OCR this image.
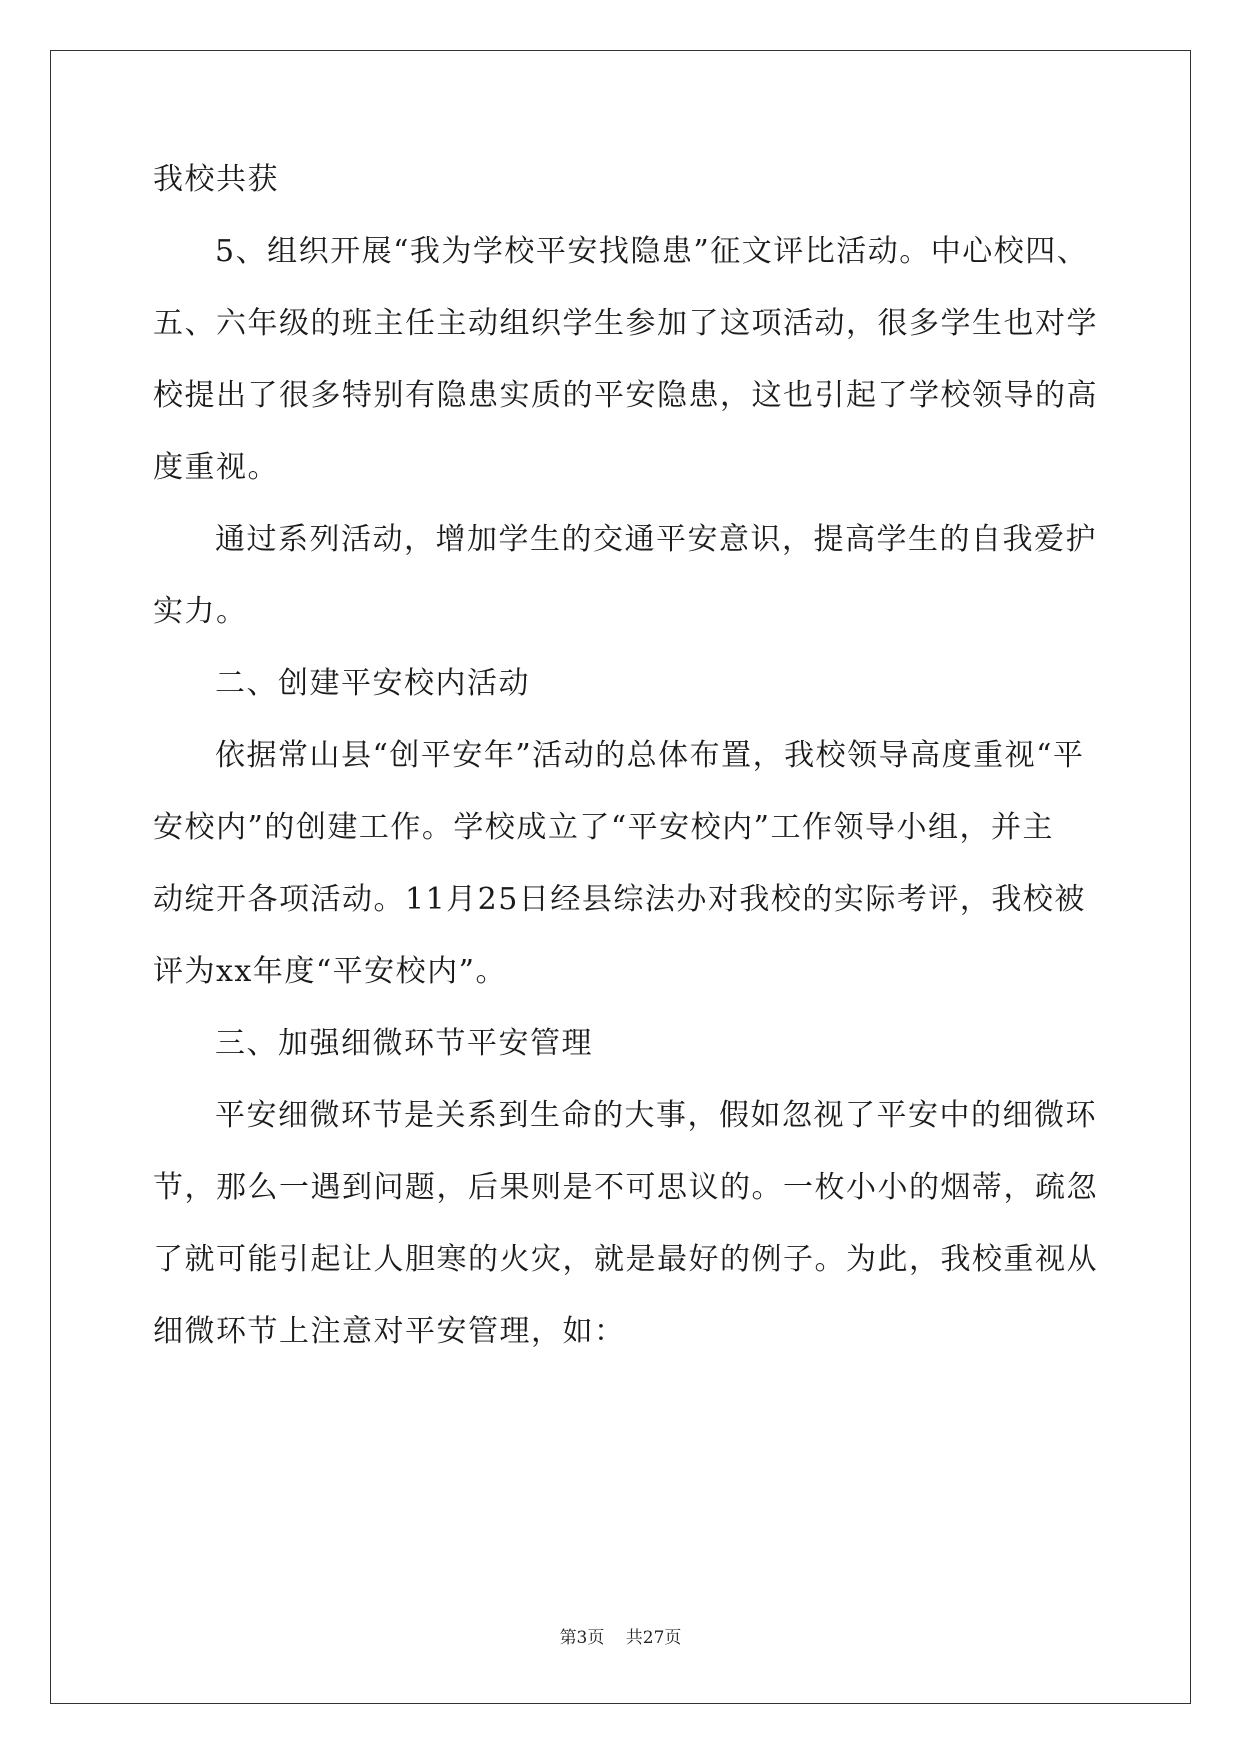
我校共获
5、组织开展“我为学校平安找隐患”征文评比活动。中心校四、
五、六年级的班主任主动组织学生参加了这项活动，很多学生也对学
校提出了很多特别有隐患实质的平安隐患，这也引起了学校领导的高
度重视。
通过系列活动，增加学生的交通平安意识，提高学生的自我爱护
实力。
二、创建平安校内活动
依据常山县“创平安年”活动的总体布置，我校领导高度重视“平
安校内”的创建工作。学校成立了“平安校内”工作领导小组，并主
动绽开各项活动。11月25日经县综法办对我校的实际考评，我校被
评为xx年度“平安校内”。
三、加强细微环节平安管理
平安细微环节是关系到生命的大事，假如忽视了平安中的细微环
节，那么一遇到问题，后果则是不可思议的。一枚小小的烟蒂，疏忽
了就可能引起让人胆寒的火灾，就是最好的例子。为此，我校重视从
细微环节上注意对平安管理，如：
第3页 共27页
